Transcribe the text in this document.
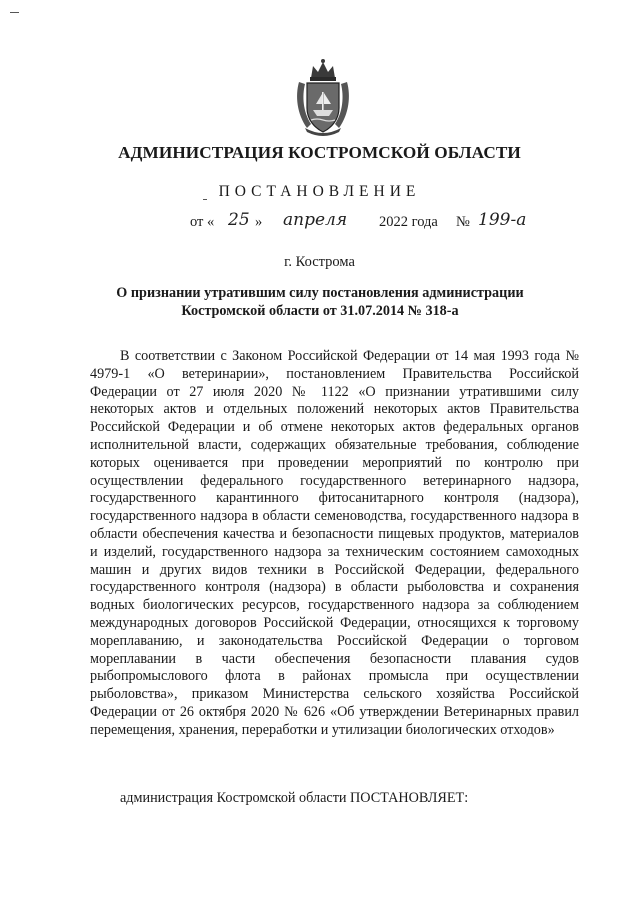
АДМИНИСТРАЦИЯ КОСТРОМСКОЙ ОБЛАСТИ
ПОСТАНОВЛЕНИЕ
от « 25 » апреля 2022 года № 199-а
г. Кострома
О признании утратившим силу постановления администрации
Костромской области от 31.07.2014 № 318-а

В соответствии с Законом Российской Федерации от 14 мая 1993 года № 4979-1 «О ветеринарии», постановлением Правительства Российской Федерации от 27 июля 2020 № 1122 «О признании утратившими силу некоторых актов и отдельных положений некоторых актов Правительства Российской Федерации и об отмене некоторых актов федеральных органов исполнительной власти, содержащих обязательные требования, соблюдение которых оценивается при проведении мероприятий по контролю при осуществлении федерального государственного ветеринарного надзора, государственного карантинного фитосанитарного контроля (надзора), государственного надзора в области семеноводства, государственного надзора в области обеспечения качества и безопасности пищевых продуктов, материалов и изделий, государственного надзора за техническим состоянием самоходных машин и других видов техники в Российской Федерации, федерального государственного контроля (надзора) в области рыболовства и сохранения водных биологических ресурсов, государственного надзора за соблюдением международных договоров Российской Федерации, относящихся к торговому мореплаванию, и законодательства Российской Федерации о торговом мореплавании в части обеспечения безопасности плавания судов рыбопромыслового флота в районах промысла при осуществлении рыболовства», приказом Министерства сельского хозяйства Российской Федерации от 26 октября 2020 № 626 «Об утверждении Ветеринарных правил перемещения, хранения, переработки и утилизации биологических отходов»

администрация Костромской области ПОСТАНОВЛЯЕТ:
